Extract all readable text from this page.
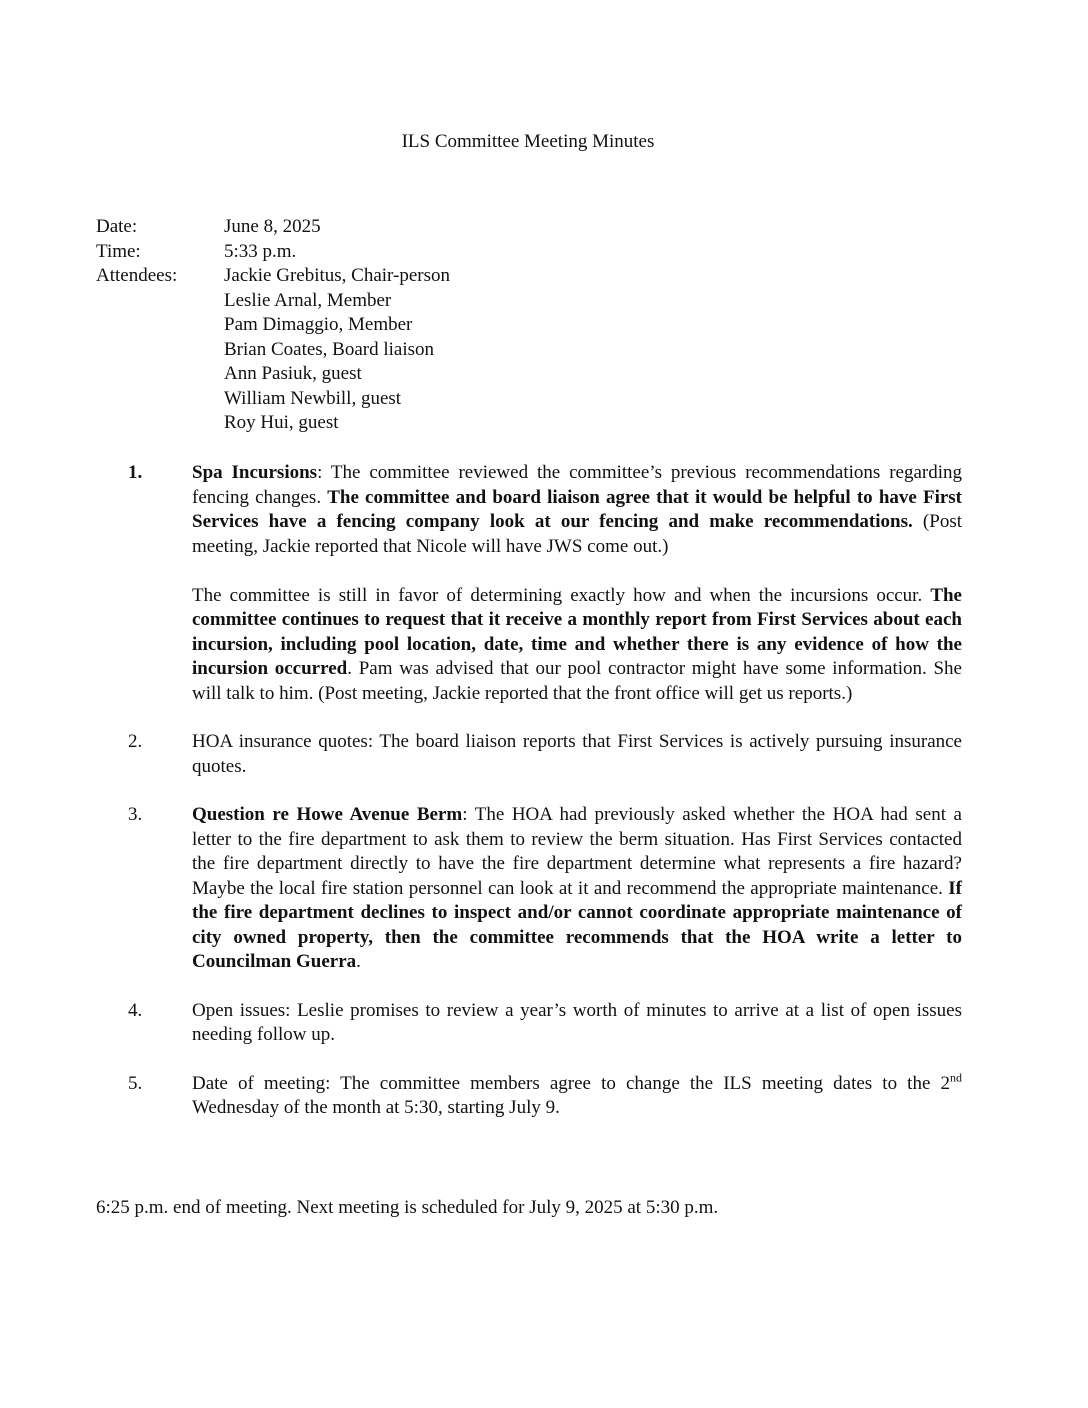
ILS Committee Meeting Minutes
Date:	June 8, 2025
Time:	5:33 p.m.
Attendees:	Jackie Grebitus, Chair-person
Leslie Arnal, Member
Pam Dimaggio, Member
Brian Coates, Board liaison
Ann Pasiuk, guest
William Newbill, guest
Roy Hui, guest
1.	Spa Incursions: The committee reviewed the committee’s previous recommendations regarding fencing changes. The committee and board liaison agree that it would be helpful to have First Services have a fencing company look at our fencing and make recommendations. (Post meeting, Jackie reported that Nicole will have JWS come out.)

The committee is still in favor of determining exactly how and when the incursions occur. The committee continues to request that it receive a monthly report from First Services about each incursion, including pool location, date, time and whether there is any evidence of how the incursion occurred. Pam was advised that our pool contractor might have some information. She will talk to him. (Post meeting, Jackie reported that the front office will get us reports.)

2.	HOA insurance quotes: The board liaison reports that First Services is actively pursuing insurance quotes.

3.	Question re Howe Avenue Berm: The HOA had previously asked whether the HOA had sent a letter to the fire department to ask them to review the berm situation. Has First Services contacted the fire department directly to have the fire department determine what represents a fire hazard? Maybe the local fire station personnel can look at it and recommend the appropriate maintenance. If the fire department declines to inspect and/or cannot coordinate appropriate maintenance of city owned property, then the committee recommends that the HOA write a letter to Councilman Guerra.

4.	Open issues: Leslie promises to review a year’s worth of minutes to arrive at a list of open issues needing follow up.

5.	Date of meeting: The committee members agree to change the ILS meeting dates to the 2nd Wednesday of the month at 5:30, starting July 9.

6:25 p.m. end of meeting. Next meeting is scheduled for July 9, 2025 at 5:30 p.m.
